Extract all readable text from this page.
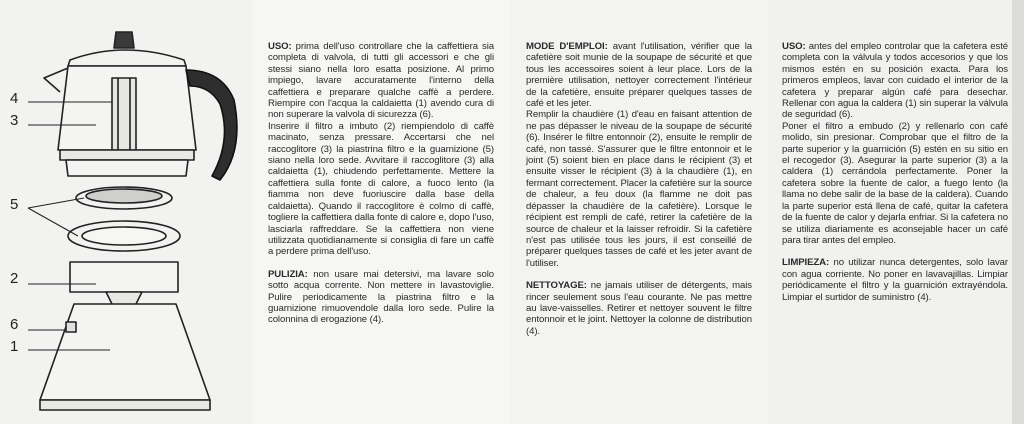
4
3
5
2
6
1

USO: prima dell'uso controllare che la caffettiera sia completa di valvola, di tutti gli accessori e che gli stessi siano nella loro esatta posizione. Al primo impiego, lavare accuratamente l'interno della caffettiera e preparare qualche caffè a perdere. Riempire con l'acqua la caldaietta (1) avendo cura di non superare la valvola di sicurezza (6).

Inserire il filtro a imbuto (2) riempiendolo di caffè macinato, senza pressare. Accertarsi che nel raccoglitore (3) la piastrina filtro e la guarnizione (5) siano nella loro sede. Avvitare il raccoglitore (3) alla caldaietta (1), chiudendo perfettamente. Mettere la caffettiera sulla fonte di calore, a fuoco lento (la fiamma non deve fuoriuscire dalla base della caldaietta). Quando il raccoglitore è colmo di caffè, togliere la caffettiera dalla fonte di calore e, dopo l'uso, lasciarla raffreddare. Se la caffettiera non viene utilizzata quotidianamente si consiglia di fare un caffè a perdere prima dell'uso.

PULIZIA: non usare mai detersivi, ma lavare solo sotto acqua corrente. Non mettere in lavastoviglie. Pulire periodicamente la piastrina filtro e la guarnizione rimuovendole dalla loro sede. Pulire la colonnina di erogazione (4).

MODE D'EMPLOI: avant l'utilisation, vérifier que la cafetière soit munie de la soupape de sécurité et que tous les accessoires soient à leur place. Lors de la première utilisation, nettoyer correctement l'intérieur de la cafetière, ensuite préparer quelques tasses de café et les jeter.

Remplir la chaudière (1) d'eau en faisant attention de ne pas dépasser le niveau de la soupape de sécurité (6). Insérer le filtre entonnoir (2), ensuite le remplir de café, non tassé. S'assurer que le filtre entonnoir et le joint (5) soient bien en place dans le récipient (3) et ensuite visser le récipient (3) à la chaudière (1), en fermant correctement. Placer la cafetière sur la source de chaleur, a feu doux (la flamme ne doit pas dépasser la chaudière de la cafetière). Lorsque le récipient est rempli de café, retirer la cafetière de la source de chaleur et la laisser refroidir. Si la cafetière n'est pas utilisée tous les jours, il est conseillé de préparer quelques tasses de café et les jeter avant de l'utiliser.

NETTOYAGE: ne jamais utiliser de détergents, mais rincer seulement sous l'eau courante. Ne pas mettre au lave-vaisselles. Retirer et nettoyer souvent le filtre entonnoir et le joint. Nettoyer la colonne de distribution (4).

USO: antes del empleo controlar que la cafetera esté completa con la válvula y todos accesorios y que los mismos estén en su posición exacta. Para los primeros empleos, lavar con cuidado el interior de la cafetera y preparar algún café para desechar. Rellenar con agua la caldera (1) sin superar la válvula de seguridad (6).

Poner el filtro a embudo (2) y rellenarlo con café molido, sin presionar. Comprobar que el filtro de la parte superior y la guarnición (5) estén en su sitio en el recogedor (3). Asegurar la parte superior (3) a la caldera (1) cerrándola perfectamente. Poner la cafetera sobre la fuente de calor, a fuego lento (la llama no debe salir de la base de la caldera). Cuando la parte superior está llena de café, quitar la cafetera de la fuente de calor y dejarla enfriar. Si la cafetera no se utiliza diariamente es aconsejable hacer un café para tirar antes del empleo.

LIMPIEZA: no utilizar nunca detergentes, solo lavar con agua corriente. No poner en lavavajillas. Limpiar periódicamente el filtro y la guarnición extrayéndola. Limpiar el surtidor de suministro (4).
